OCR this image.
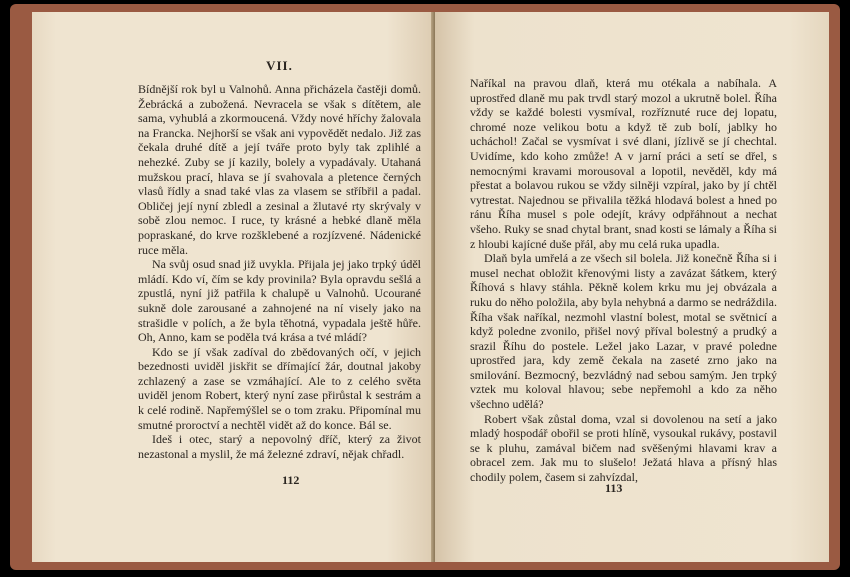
VII.

Bídnější rok byl u Valnohů. Anna přicházela častěji domů. Žebrácká a zubožená. Nevracela se však s dítětem, ale sama, vyhublá a zkormoucená. Vždy nové hříchy žalovala na Francka. Nejhorší se však ani vypovědět nedalo. Již zas čekala druhé dítě a její tváře proto byly tak zplihlé a nehezké. Zuby se jí kazily, bolely a vypadávaly. Utahaná mužskou prací, hlava se jí svahovala a pletence černých vlasů řídly a snad také vlas za vlasem se stříbřil a padal. Obličej její nyní zbledl a zesinal a žlutavé rty skrývaly v sobě zlou nemoc. I ruce, ty krásné a hebké dlaně měla popraskané, do krve rozšklebené a rozjízvené. Nádenické ruce měla.

Na svůj osud snad již uvykla. Přijala jej jako trpký úděl mládí. Kdo ví, čím se kdy provinila? Byla opravdu sešlá a zpustlá, nyní již patřila k chalupě u Valnohů. Ucourané sukně dole zarousané a zahnojené na ní visely jako na strašidle v polích, a že byla těhotná, vypadala ještě hůře. Oh, Anno, kam se poděla tvá krása a tvé mládí?

Kdo se jí však zadíval do zbědovaných očí, v jejich bezednosti uviděl jiskřit se dřímající žár, doutnal jakoby zchlazený a zase se vzmáhající. Ale to z celého světa uviděl jenom Robert, který nyní zase přirůstal k sestrám a k celé rodině. Napřemýšlel se o tom zraku. Připomínal mu smutné proroctví a nechtěl vidět až do konce. Bál se.

Ideš i otec, starý a nepovolný dříč, který za život nezastonal a myslil, že má železné zdraví, nějak chřadl.

112

Naříkal na pravou dlaň, která mu otékala a nabíhala. A uprostřed dlaně mu pak trvdl starý mozol a ukrutně bolel. Říha vždy se každé bolesti vysmíval, rozříznuté ruce dej lopatu, chromé noze velikou botu a když tě zub bolí, jablky ho ucháchol! Začal se vysmívat i své dlani, jízlivě se jí chechtal. Uvidíme, kdo koho zmůže! A v jarní práci a setí se dřel, s nemocnými kravami morousoval a lopotil, nevěděl, kdy má přestat a bolavou rukou se vždy silněji vzpíral, jako by jí chtěl vytrestat. Najednou se přivalila těžká hlodavá bolest a hned po ránu Říha musel s pole odejít, krávy odpřáhnout a nechat všeho. Ruky se snad chytal brant, snad kosti se lámaly a Říha si z hloubi kajícné duše přál, aby mu celá ruka upadla.

Dlaň byla umřelá a ze všech sil bolela. Již konečně Říha si i musel nechat obložit křenovými listy a zavázat šátkem, který Říhová s hlavy stáhla. Pěkně kolem krku mu jej obvázala a ruku do něho položila, aby byla nehybná a darmo se nedráždila. Říha však naříkal, nezmohl vlastní bolest, motal se světnicí a když poledne zvonilo, přišel nový příval bolestný a prudký a srazil Říhu do postele. Ležel jako Lazar, v pravé poledne uprostřed jara, kdy země čekala na zaseté zrno jako na smilování. Bezmocný, bezvládný nad sebou samým. Jen trpký vztek mu koloval hlavou; sebe nepřemohl a kdo za něho všechno udělá?

Robert však zůstal doma, vzal si dovolenou na setí a jako mladý hospodář obořil se proti hlíně, vysoukal rukávy, postavil se k pluhu, zamával bičem nad svěšenými hlavami krav a obracel zem. Jak mu to slušelo! Ježatá hlava a přísný hlas chodily polem, časem si zahvízdal,

113
